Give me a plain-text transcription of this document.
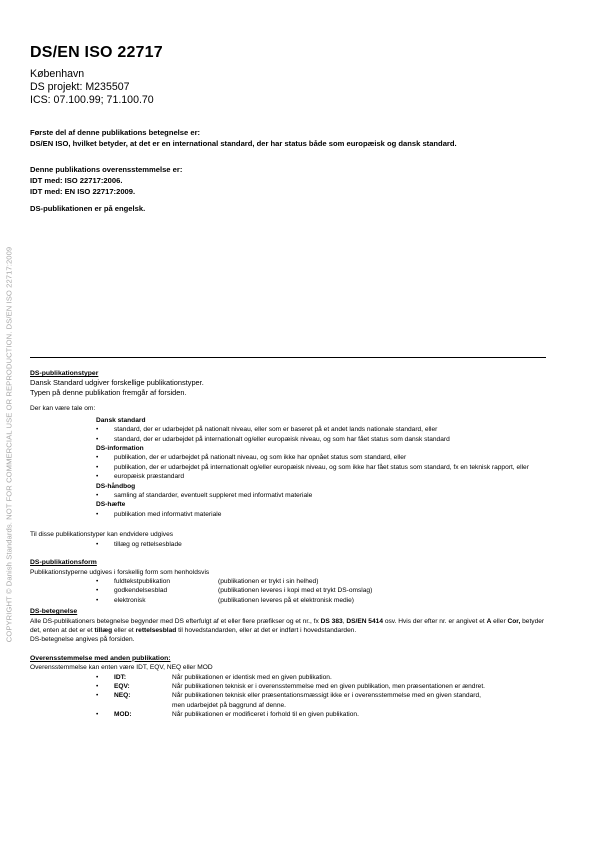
COPYRIGHT © Danish Standards. NOT FOR COMMERCIAL USE OR REPRODUCTION. DS/EN ISO 22717:2009
DS/EN ISO 22717
København
DS projekt: M235507
ICS: 07.100.99; 71.100.70
Første del af denne publikations betegnelse er:
DS/EN ISO, hvilket betyder, at det er en international standard, der har status både som europæisk og dansk standard.
Denne publikations overensstemmelse er:
IDT med: ISO 22717:2006.
IDT med: EN ISO 22717:2009.
DS-publikationen er på engelsk.

DS-publikationstyper

Dansk Standard udgiver forskellige publikationstyper.

Typen på denne publikation fremgår af forsiden.

Der kan være tale om:

Dansk standard
• standard, der er udarbejdet på nationalt niveau, eller som er baseret på et andet lands nationale standard, eller
• standard, der er udarbejdet på internationalt og/eller europæisk niveau, og som har fået status som dansk standard
DS-information
• publikation, der er udarbejdet på nationalt niveau, og som ikke har opnået status som standard, eller
• publikation, der er udarbejdet på internationalt og/eller europæisk niveau, og som ikke har fået status som standard, fx en teknisk rapport, eller
• europæisk præstandard
DS-håndbog
• samling af standarder, eventuelt suppleret med informativt materiale
DS-hæfte
• publikation med informativt materiale

Til disse publikationstyper kan endvidere udgives

• tillæg og rettelsesblade

DS-publikationsform

Publikationstyperne udgives i forskellig form som henholdsvis

• fuldtekstpublikation	(publikationen er trykt i sin helhed)
• godkendelsesblad	(publikationen leveres i kopi med et trykt DS-omslag)
• elektronisk	(publikationen leveres på et elektronisk medie)

DS-betegnelse

Alle DS-publikationers betegnelse begynder med DS efterfulgt af et eller flere præfikser og et nr., fx DS 383, DS/EN 5414 osv. Hvis der efter nr. er angivet et A eller Cor, betyder det, enten at det er et tillæg eller et rettelsesblad til hovedstandarden, eller at det er indført i hovedstandarden.

DS-betegnelse angives på forsiden.

Overensstemmelse med anden publikation:

Overensstemmelse kan enten være IDT, EQV, NEQ eller MOD

• IDT:	Når publikationen er identisk med en given publikation.
• EQV:	Når publikationen teknisk er i overensstemmelse med en given publikation, men præsentationen er ændret.
• NEQ:	Når publikationen teknisk eller præsentationsmæssigt ikke er i overensstemmelse med en given standard, men udarbejdet på baggrund af denne.
• MOD:	Når publikationen er modificeret i forhold til en given publikation.
